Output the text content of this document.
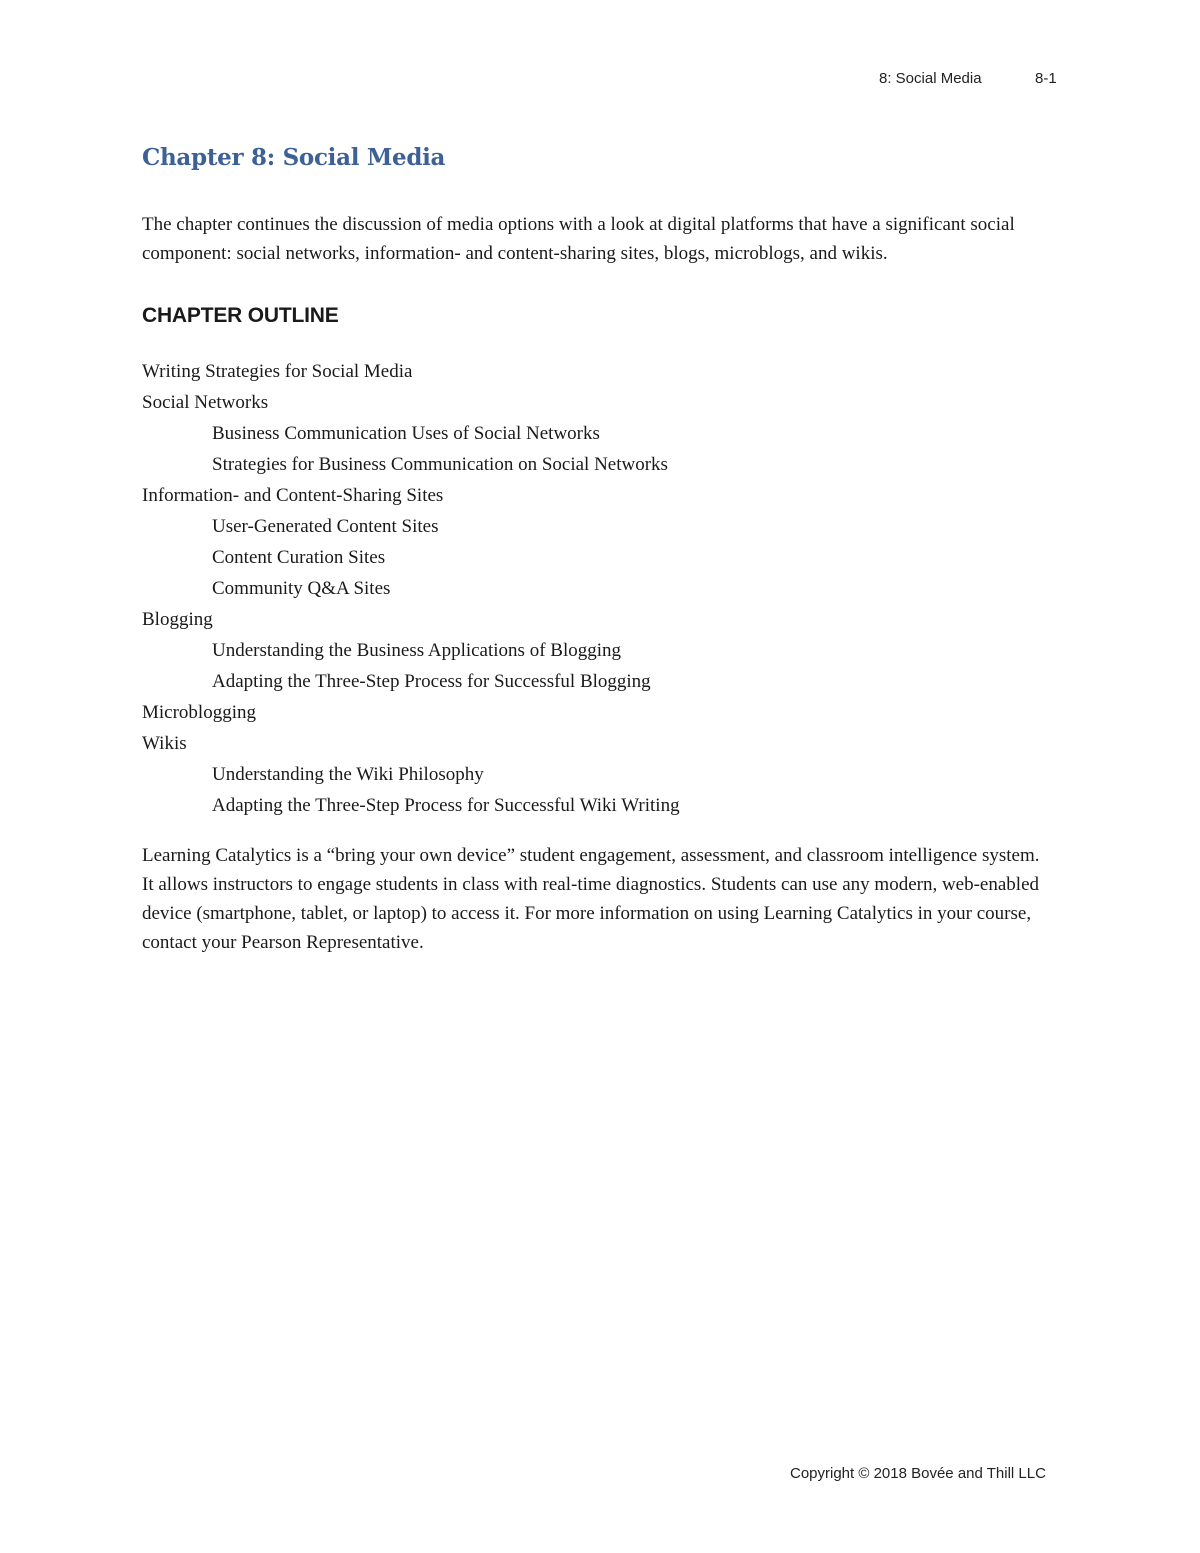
8: Social Media	8-1
Chapter 8: Social Media

The chapter continues the discussion of media options with a look at digital platforms that have a significant social component: social networks, information- and content-sharing sites, blogs, microblogs, and wikis.

CHAPTER OUTLINE
Writing Strategies for Social Media
Social Networks
Business Communication Uses of Social Networks
Strategies for Business Communication on Social Networks
Information- and Content-Sharing Sites
User-Generated Content Sites
Content Curation Sites
Community Q&A Sites
Blogging
Understanding the Business Applications of Blogging
Adapting the Three-Step Process for Successful Blogging
Microblogging
Wikis
Understanding the Wiki Philosophy
Adapting the Three-Step Process for Successful Wiki Writing

Learning Catalytics is a “bring your own device” student engagement, assessment, and classroom intelligence system. It allows instructors to engage students in class with real-time diagnostics. Students can use any modern, web-enabled device (smartphone, tablet, or laptop) to access it. For more information on using Learning Catalytics in your course, contact your Pearson Representative.

Copyright © 2018 Bovée and Thill LLC
